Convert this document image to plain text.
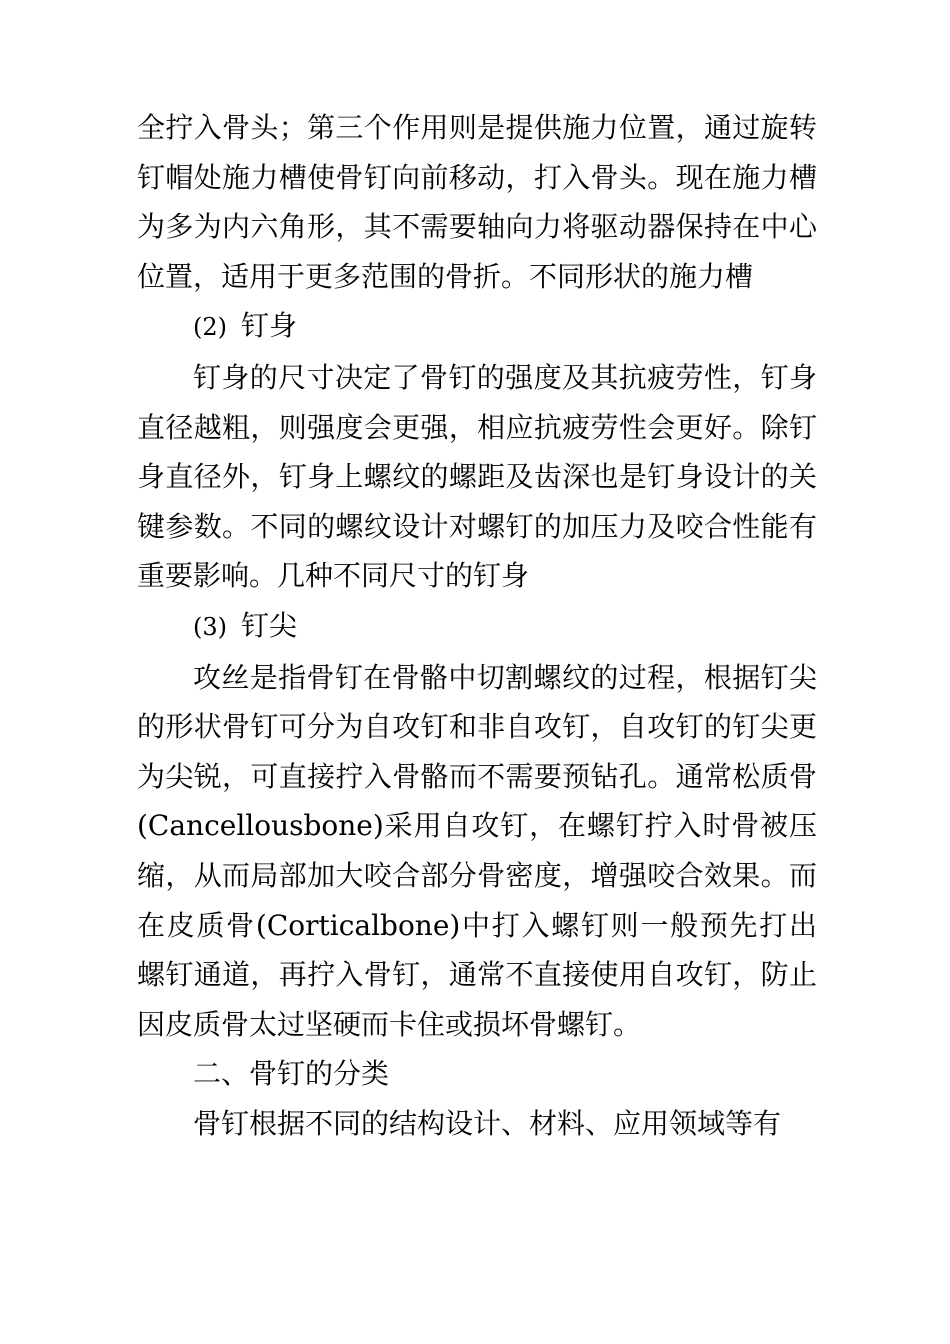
全拧入骨头；第三个作用则是提供施力位置，通过旋转钉帽处施力槽使骨钉向前移动，打入骨头。现在施力槽为多为内六角形，其不需要轴向力将驱动器保持在中心位置，适用于更多范围的骨折。不同形状的施力槽

(2) 钉身

钉身的尺寸决定了骨钉的强度及其抗疲劳性，钉身直径越粗，则强度会更强，相应抗疲劳性会更好。除钉身直径外，钉身上螺纹的螺距及齿深也是钉身设计的关键参数。不同的螺纹设计对螺钉的加压力及咬合性能有重要影响。几种不同尺寸的钉身

(3) 钉尖

攻丝是指骨钉在骨骼中切割螺纹的过程，根据钉尖的形状骨钉可分为自攻钉和非自攻钉，自攻钉的钉尖更为尖锐，可直接拧入骨骼而不需要预钻孔。通常松质骨(Cancellousbone)采用自攻钉，在螺钉拧入时骨被压缩，从而局部加大咬合部分骨密度，增强咬合效果。而在皮质骨(Corticalbone)中打入螺钉则一般预先打出螺钉通道，再拧入骨钉，通常不直接使用自攻钉，防止因皮质骨太过坚硬而卡住或损坏骨螺钉。

二、骨钉的分类

骨钉根据不同的结构设计、材料、应用领域等有
